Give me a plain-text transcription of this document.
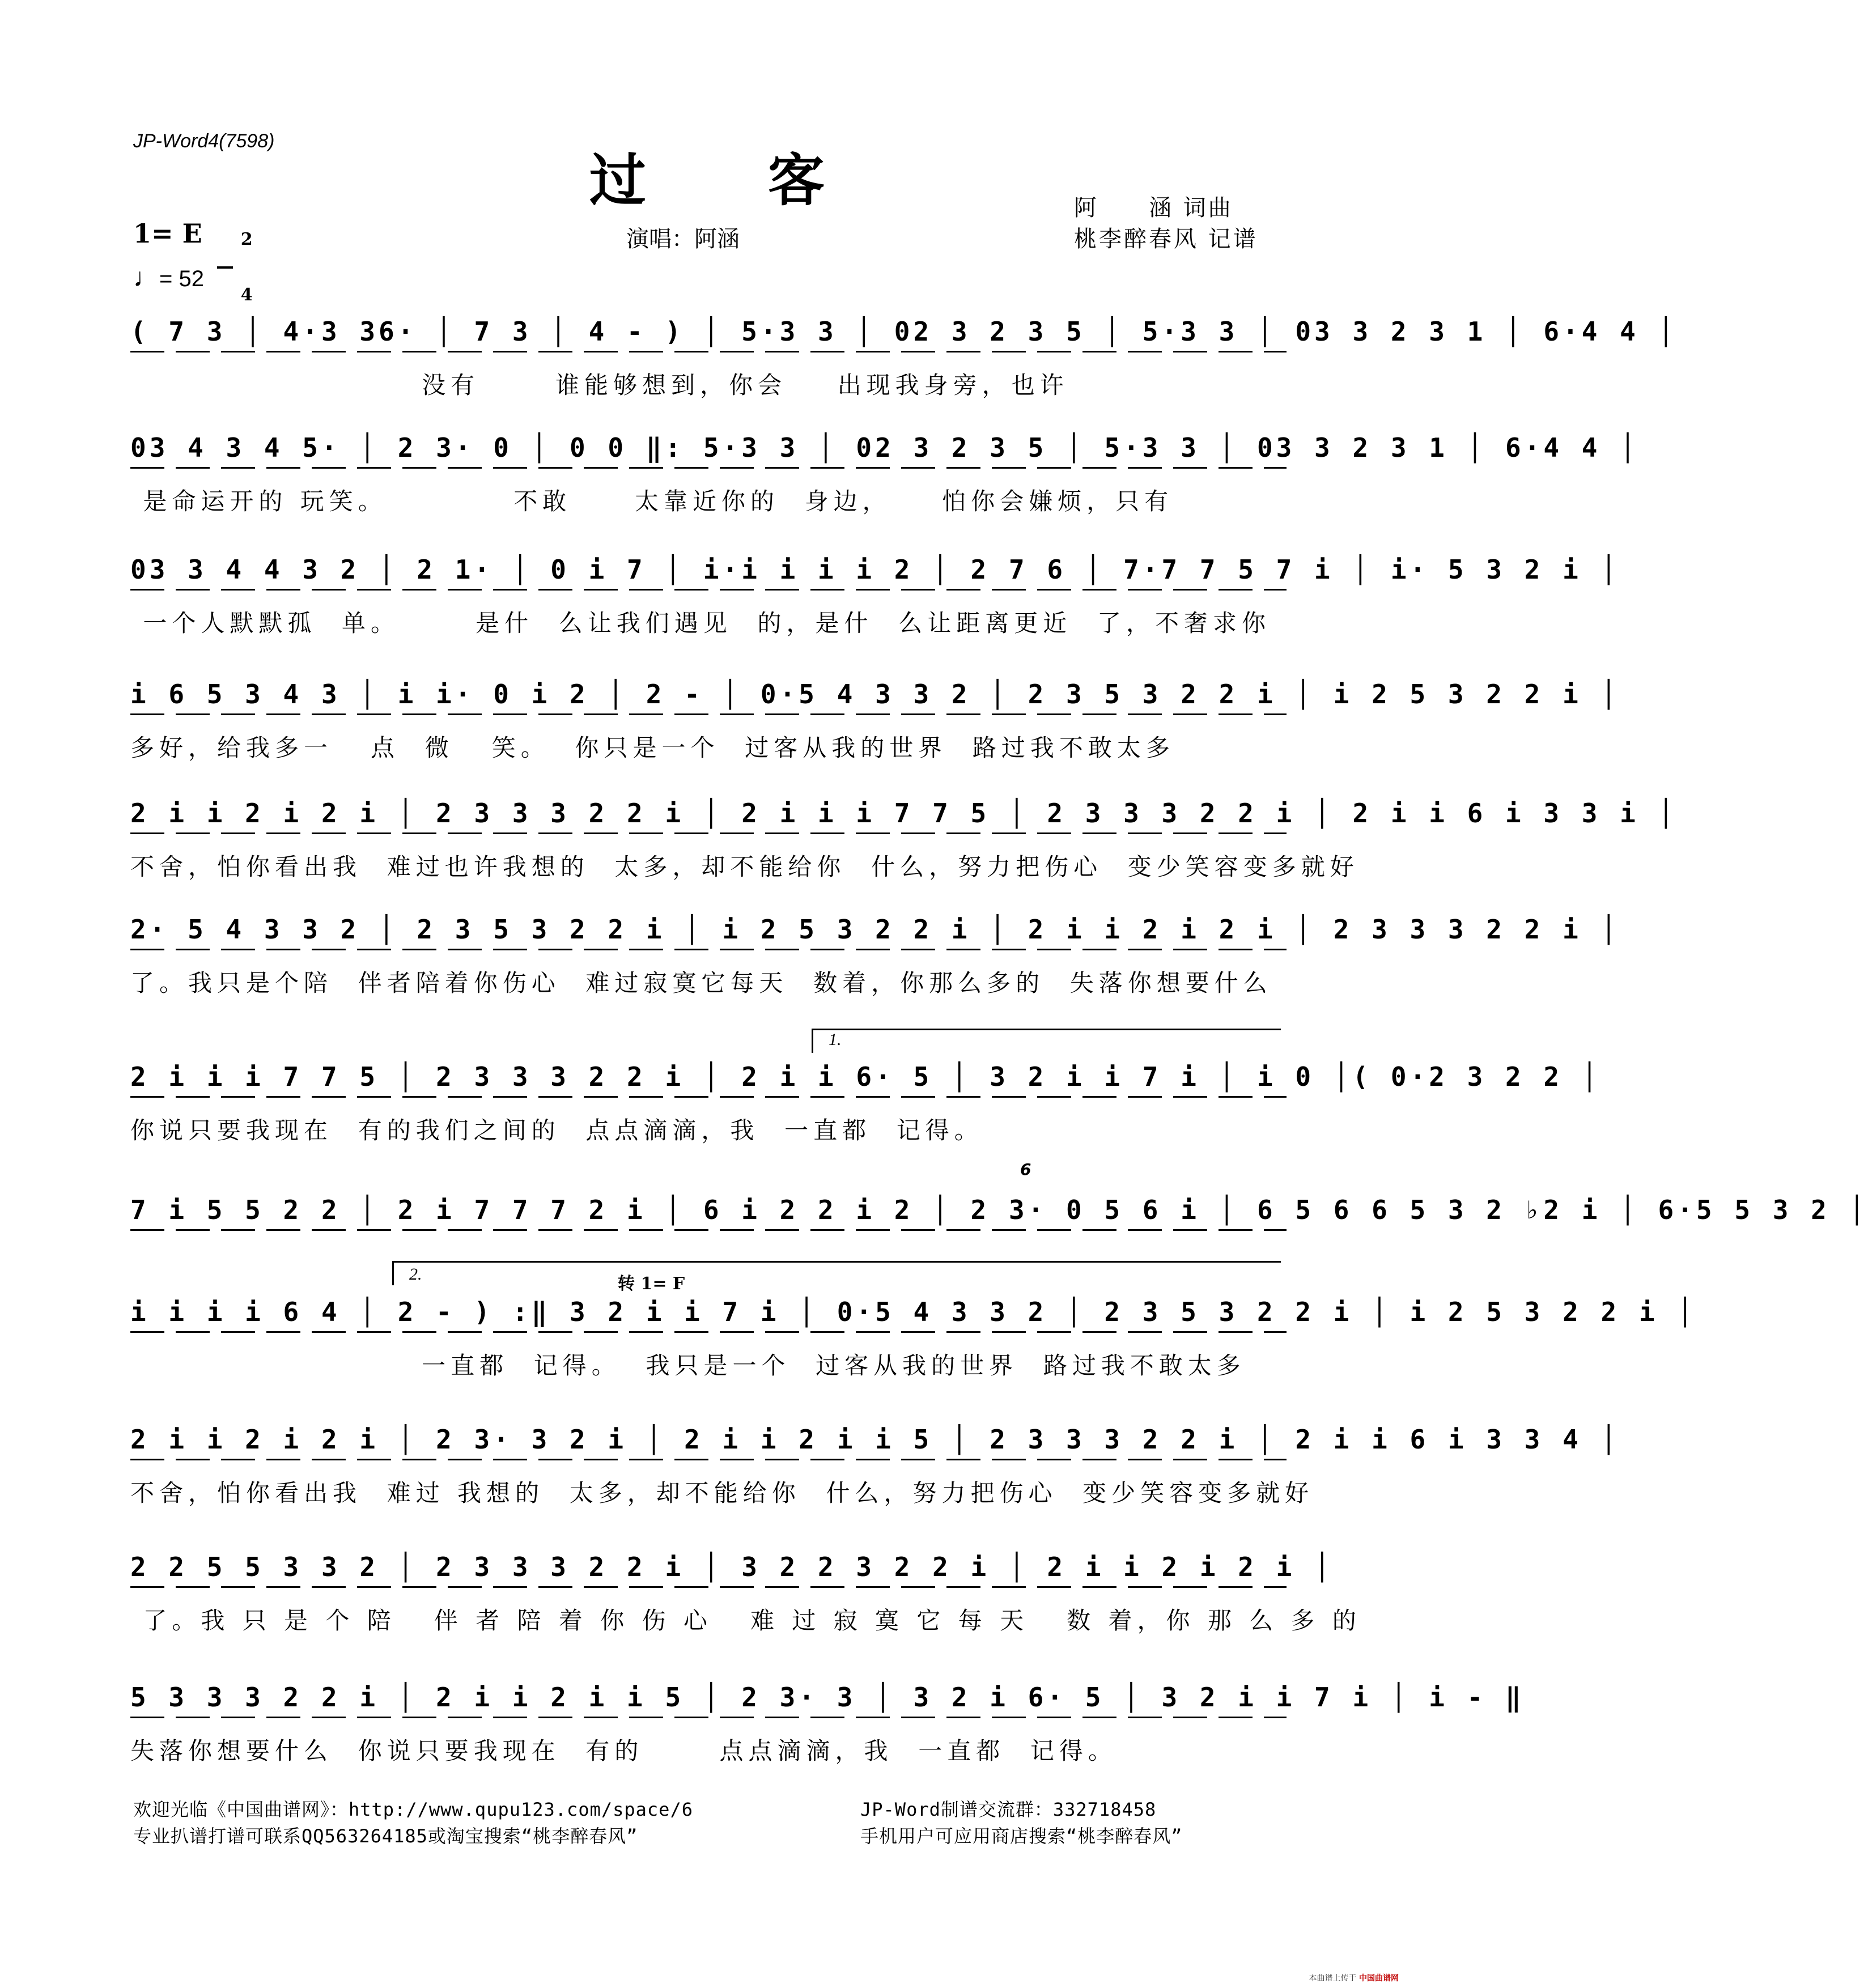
JP-Word4(7598)
过 客	阿　　涵 词曲
桃李醉春风 记谱
演唱：阿涵
1= E	2

4

♩= 52
( 7 3 │ 4·3 36· │ 7 3 │ 4 - ) │ 5·3 3 │ 02 3 2 3 5 │ 5·3 3 │ 03 3 2 3 1 │ 6·4 4 │
没有      谁能够想到，你会    出现我身旁，也许
03 4 3 4 5· │ 2 3· 0 │ 0 0 ‖: 5·3 3 │ 02 3 2 3 5 │ 5·3 3 │ 03 3 2 3 1 │ 6·4 4 │
是命运开的 玩笑。          不敢     太靠近你的  身边，    怕你会嫌烦，只有
03 3 4 4 3 2 │ 2 1· │ 0 i 7 │ i·i i i i 2 │ 2 7 6 │ 7·7 7 5 7 i │ i· 5 3 2 i │
一个人默默孤  单。      是什  么让我们遇见  的，是什  么让距离更近  了，不奢求你
i 6 5 3 4 3 │ i i· 0 i 2 │ 2 - │ 0·5 4 3 3 2 │ 2 3 5 3 2 2 i │ i 2 5 3 2 2 i │
多好，给我多一   点  微   笑。  你只是一个  过客从我的世界  路过我不敢太多
2 i i 2 i 2 i │ 2 3 3 3 2 2 i │ 2 i i i 7 7 5 │ 2 3 3 3 2 2 i │ 2 i i 6 i 3 3 i │
不舍，怕你看出我  难过也许我想的  太多，却不能给你  什么，努力把伤心  变少笑容变多就好
2· 5 4 3 3 2 │ 2 3 5 3 2 2 i │ i 2 5 3 2 2 i │ 2 i i 2 i 2 i │ 2 3 3 3 2 2 i │
了。我只是个陪  伴者陪着你伤心  难过寂寞它每天  数着，你那么多的  失落你想要什么
1.
2 i i i 7 7 5 │ 2 3 3 3 2 2 i │ 2 i i 6· 5 │ 3 2 i i 7 i │ i 0 │( 0·2 3 2 2 │
你说只要我现在  有的我们之间的  点点滴滴，我  一直都  记得。
6
7 i 5 5 2 2 │ 2 i 7 7 7 2 i │ 6 i 2 2 i 2 │ 2 3· 0 5 6 i │ 6 5 6 6 5 3 2 ♭2 i │ 6·5 5 3 2 │
2.	转 1= F
i i i i 6 4 │ 2 - ) :‖ 3 2 i i 7 i │ 0·5 4 3 3 2 │ 2 3 5 3 2 2 i │ i 2 5 3 2 2 i │
一直都  记得。  我只是一个  过客从我的世界  路过我不敢太多
2 i i 2 i 2 i │ 2 3· 3 2 i │ 2 i i 2 i i 5 │ 2 3 3 3 2 2 i │ 2 i i 6 i 3 3 4 │
不舍，怕你看出我  难过 我想的  太多，却不能给你  什么，努力把伤心  变少笑容变多就好
2 2 5 5 3 3 2 │ 2 3 3 3 2 2 i │ 3 2 2 3 2 2 i │ 2 i i 2 i 2 i │
了。我 只 是 个 陪   伴 者 陪 着 你 伤 心   难 过 寂 寞 它 每 天   数 着，你 那 么 多 的
5 3 3 3 2 2 i │ 2 i i 2 i i 5 │ 2 3· 3 │ 3 2 i 6· 5 │ 3 2 i i 7 i │ i - ‖
失落你想要什么  你说只要我现在  有的      点点滴滴，我  一直都  记得。
欢迎光临《中国曲谱网》：http://www.qupu123.com/space/6
专业扒谱打谱可联系QQ563264185或淘宝搜索“桃李醉春风”
JP-Word制谱交流群：332718458
手机用户可应用商店搜索“桃李醉春风”
本曲谱上传于 中国曲谱网
